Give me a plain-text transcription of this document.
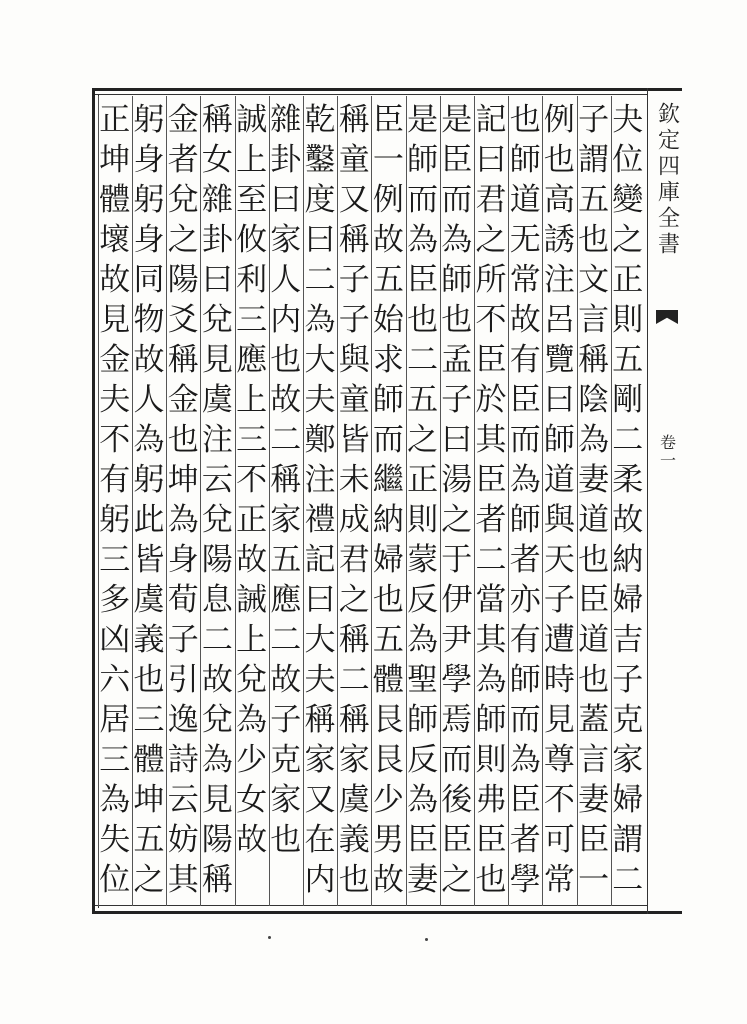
欽定四庫全書
卷一
夬
位
變
之
正
則
五
剛
二
柔
故
納
婦
吉
子
克
家
婦
謂
二
子
謂
五
也
文
言
稱
陰
為
妻
道
也
臣
道
也
蓋
言
妻
臣
一
例
也
高
誘
注
呂
覽
曰
師
道
與
天
子
遭
時
見
尊
不
可
常
也
師
道
无
常
故
有
臣
而
為
師
者
亦
有
師
而
為
臣
者
學
記
曰
君
之
所
不
臣
於
其
臣
者
二
當
其
為
師
則
弗
臣
也
是
臣
而
為
師
也
孟
子
曰
湯
之
于
伊
尹
學
焉
而
後
臣
之
是
師
而
為
臣
也
二
五
之
正
則
蒙
反
為
聖
師
反
為
臣
妻
臣
一
例
故
五
始
求
師
而
繼
納
婦
也
五
體
艮
艮
少
男
故
稱
童
又
稱
子
子
與
童
皆
未
成
君
之
稱
二
稱
家
虞
義
也
乾
鑿
度
曰
二
為
大
夫
鄭
注
禮
記
曰
大
夫
稱
家
又
在
内
雜
卦
曰
家
人
内
也
故
二
稱
家
五
應
二
故
子
克
家
也
誠
上
至
攸
利
三
應
上
三
不
正
故
誡
上
兌
為
少
女
故
稱
女
雜
卦
曰
兌
見
虞
注
云
兌
陽
息
二
故
兌
為
見
陽
稱
金
者
兌
之
陽
爻
稱
金
也
坤
為
身
荀
子
引
逸
詩
云
妨
其
躬
身
躬
身
同
物
故
人
為
躬
此
皆
虞
義
也
三
體
坤
五
之
正
坤
體
壞
故
見
金
夫
不
有
躬
三
多
凶
六
居
三
為
失
位
